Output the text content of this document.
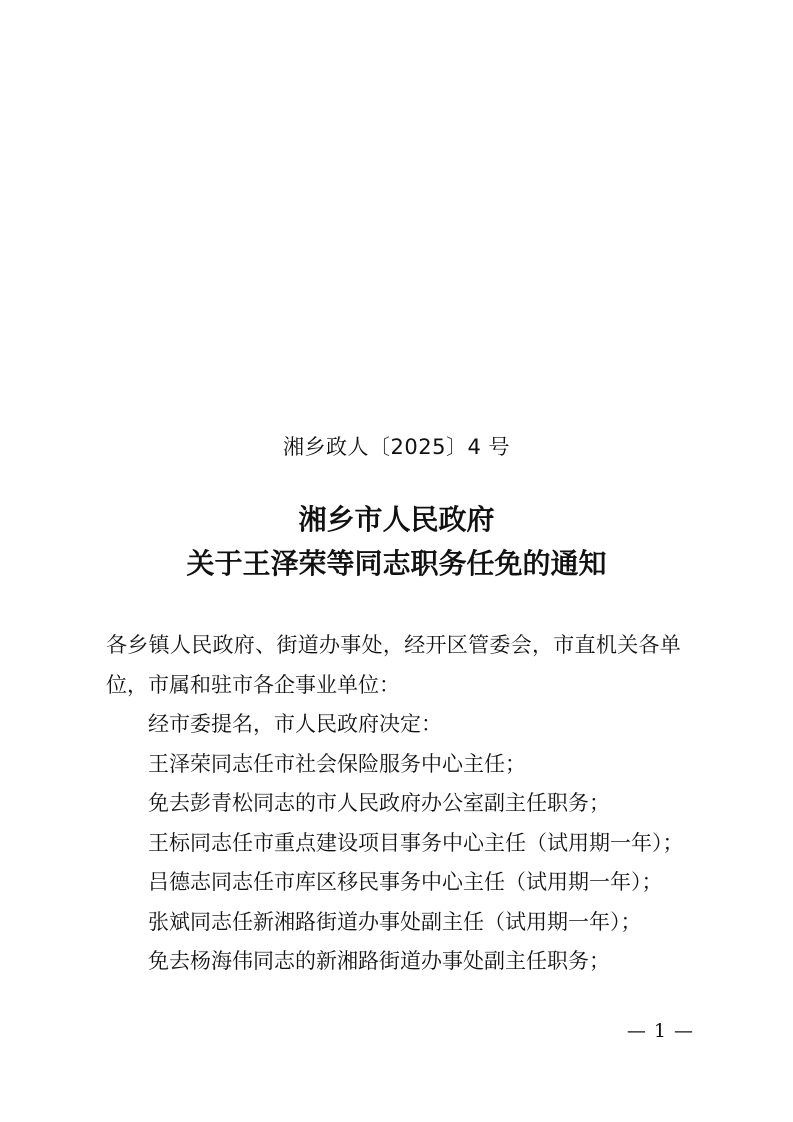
湘乡政人〔2025〕4 号
湘乡市人民政府
关于王泽荣等同志职务任免的通知

各乡镇人民政府、街道办事处，经开区管委会，市直机关各单

位，市属和驻市各企事业单位：

经市委提名，市人民政府决定：

王泽荣同志任市社会保险服务中心主任；

免去彭青松同志的市人民政府办公室副主任职务；

王标同志任市重点建设项目事务中心主任（试用期一年）；

吕德志同志任市库区移民事务中心主任（试用期一年）；

张斌同志任新湘路街道办事处副主任（试用期一年）；

免去杨海伟同志的新湘路街道办事处副主任职务；

— 1 —
